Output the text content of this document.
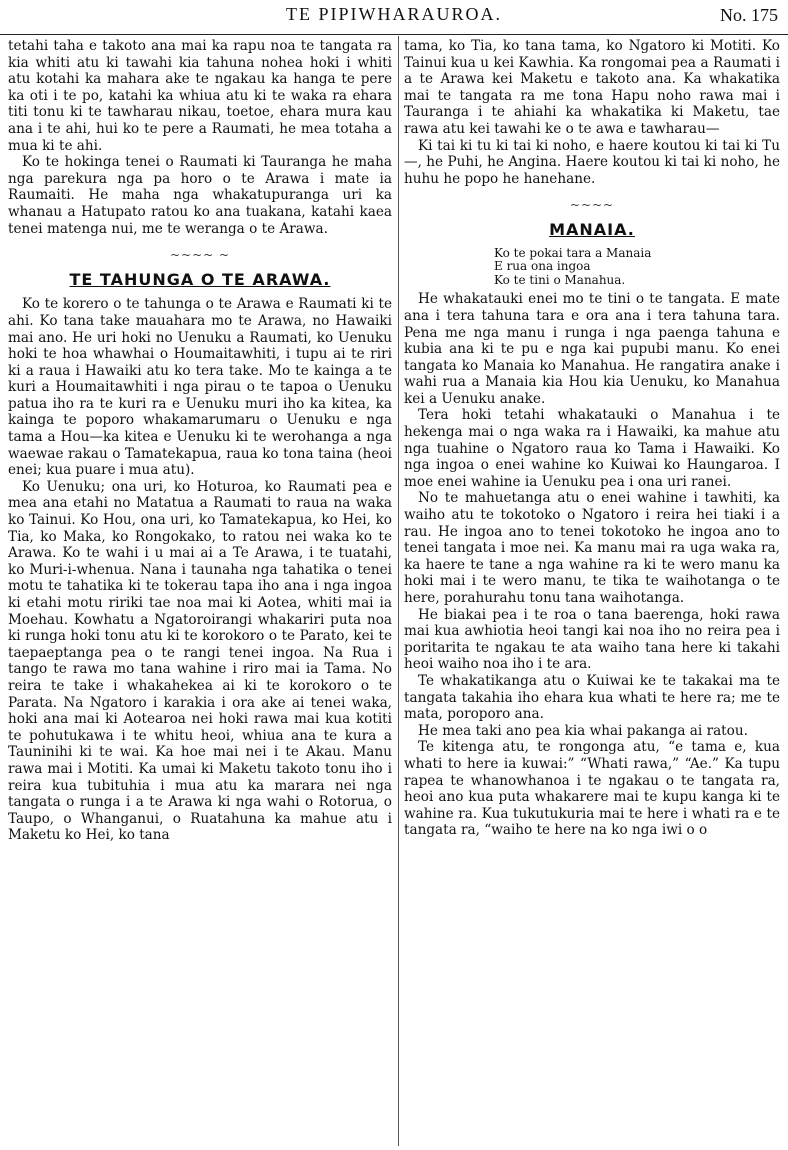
TE PIPIWHARAUROA.	No. 175

tetahi taha e takoto ana mai ka rapu noa te tangata ra kia whiti atu ki tawahi kia tahuna nohea hoki i whiti atu kotahi ka mahara ake te ngakau ka hanga te pere ka oti i te po, katahi ka whiua atu ki te waka ra ehara titi tonu ki te tawharau nikau, toetoe, ehara mura kau ana i te ahi, hui ko te pere a Raumati, he mea totaha a mua ki te ahi.

Ko te hokinga tenei o Raumati ki Tauranga he maha nga parekura nga pa horo o te Arawa i mate ia Raumaiti. He maha nga whakatupuranga uri ka whanau a Hatupato ratou ko ana tuakana, katahi kaea tenei matenga nui, me te weranga o te Arawa.

~~~~ ~
TE TAHUNGA O TE ARAWA.

Ko te korero o te tahunga o te Arawa e Raumati ki te ahi. Ko tana take mauahara mo te Arawa, no Hawaiki mai ano. He uri hoki no Uenuku a Raumati, ko Uenuku hoki te hoa whawhai o Houmaitawhiti, i tupu ai te riri ki a raua i Hawaiki atu ko tera take. Mo te kainga a te kuri a Houmaitawhiti i nga pirau o te tapoa o Uenuku patua iho ra te kuri ra e Uenuku muri iho ka kitea, ka kainga te poporo whakamarumaru o Uenuku e nga tama a Hou—ka kitea e Uenuku ki te werohanga a nga waewae rakau o Tamatekapua, raua ko tona taina (heoi enei; kua puare i mua atu).

Ko Uenuku; ona uri, ko Hoturoa, ko Raumati pea e mea ana etahi no Matatua a Raumati to raua na waka ko Tainui. Ko Hou, ona uri, ko Tamatekapua, ko Hei, ko Tia, ko Maka, ko Rongokako, to ratou nei waka ko te Arawa. Ko te wahi i u mai ai a Te Arawa, i te tuatahi, ko Muri-i-whenua. Nana i taunaha nga tahatika o tenei motu te tahatika ki te tokerau tapa iho ana i nga ingoa ki etahi motu ririki tae noa mai ki Aotea, whiti mai ia Moehau. Kowhatu a Ngatoroirangi whakariri puta noa ki runga hoki tonu atu ki te korokoro o te Parato, kei te taepaeptanga pea o te rangi tenei ingoa. Na Rua i tango te rawa mo tana wahine i riro mai ia Tama. No reira te take i whakahekea ai ki te korokoro o te Parata. Na Ngatoro i karakia i ora ake ai tenei waka, hoki ana mai ki Aotearoa nei hoki rawa mai kua kotiti te pohutukawa i te whitu heoi, whiua ana te kura a Tauninihi ki te wai. Ka hoe mai nei i te Akau. Manu rawa mai i Motiti. Ka umai ki Maketu takoto tonu iho i reira kua tubituhia i mua atu ka marara nei nga tangata o runga i a te Arawa ki nga wahi o Rotorua, o Taupo, o Whanganui, o Ruatahuna ka mahue atu i Maketu ko Hei, ko tana

tama, ko Tia, ko tana tama, ko Ngatoro ki Motiti. Ko Tainui kua u kei Kawhia. Ka rongomai pea a Raumati i a te Arawa kei Maketu e takoto ana. Ka whakatika mai te tangata ra me tona Hapu noho rawa mai i Tauranga i te ahiahi ka whakatika ki Maketu, tae rawa atu kei tawahi ke o te awa e tawharau—

Ki tai ki tu ki tai ki noho, e haere koutou ki tai ki Tu—, he Puhi, he Angina. Haere koutou ki tai ki noho, he huhu he popo he hanehane.

~~~~
MANAIA.
Ko te pokai tara a Manaia
E rua ona ingoa
Ko te tini o Manahua.

He whakatauki enei mo te tini o te tangata. E mate ana i tera tahuna tara e ora ana i tera tahuna tara. Pena me nga manu i runga i nga paenga tahuna e kubia ana ki te pu e nga kai pupubi manu. Ko enei tangata ko Manaia ko Manahua. He rangatira anake i wahi rua a Manaia kia Hou kia Uenuku, ko Manahua kei a Uenuku anake.

Tera hoki tetahi whakatauki o Manahua i te hekenga mai o nga waka ra i Hawaiki, ka mahue atu nga tuahine o Ngatoro raua ko Tama i Hawaiki. Ko nga ingoa o enei wahine ko Kuiwai ko Haungaroa. I moe enei wahine ia Uenuku pea i ona uri ranei.

No te mahuetanga atu o enei wahine i tawhiti, ka waiho atu te tokotoko o Ngatoro i reira hei tiaki i a rau. He ingoa ano to tenei tokotoko he ingoa ano to tenei tangata i moe nei. Ka manu mai ra uga waka ra, ka haere te tane a nga wahine ra ki te wero manu ka hoki mai i te wero manu, te tika te waihotanga o te here, porahurahu tonu tana waihotanga.

He biakai pea i te roa o tana baerenga, hoki rawa mai kua awhiotia heoi tangi kai noa iho no reira pea i poritarita te ngakau te ata waiho tana here ki takahi heoi waiho noa iho i te ara.

Te whakatikanga atu o Kuiwai ke te takakai ma te tangata takahia iho ehara kua whati te here ra; me te mata, poroporo ana.

He mea taki ano pea kia whai pakanga ai ratou.

Te kitenga atu, te rongonga atu, “e tama e, kua whati to here ia kuwai:” “Whati rawa,” “Ae.” Ka tupu rapea te whanowhanoa i te ngakau o te tangata ra, heoi ano kua puta whakarere mai te kupu kanga ki te wahine ra. Kua tukutukuria mai te here i whati ra e te tangata ra, “waiho te here na ko nga iwi o o
